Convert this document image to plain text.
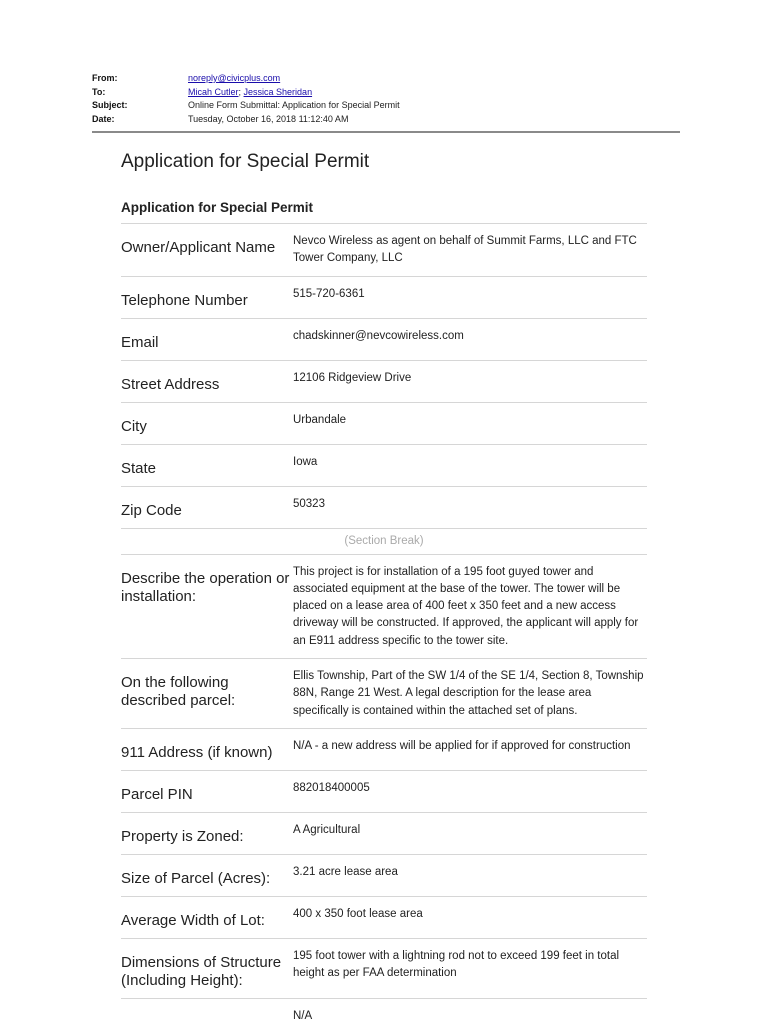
From:	noreply@civicplus.com
To:	Micah Cutler; Jessica Sheridan
Subject:	Online Form Submittal: Application for Special Permit
Date:	Tuesday, October 16, 2018 11:12:40 AM
Application for Special Permit
Application for Special Permit
Owner/Applicant Name	Nevco Wireless as agent on behalf of Summit Farms, LLC and FTC Tower Company, LLC
Telephone Number	515-720-6361
Email	chadskinner@nevcowireless.com
Street Address	12106 Ridgeview Drive
City	Urbandale
State	Iowa
Zip Code	50323
(Section Break)
Describe the operation or installation:
This project is for installation of a 195 foot guyed tower and associated equipment at the base of the tower. The tower will be placed on a lease area of 400 feet x 350 feet and a new access driveway will be constructed. If approved, the applicant will apply for an E911 address specific to the tower site.
On the following described parcel:
Ellis Township, Part of the SW 1/4 of the SE 1/4, Section 8, Township 88N, Range 21 West. A legal description for the lease area specifically is contained within the attached set of plans.
911 Address (if known)	N/A - a new address will be applied for if approved for construction
Parcel PIN	882018400005
Property is Zoned:	A Agricultural
Size of Parcel (Acres):	3.21 acre lease area
Average Width of Lot:	400 x 350 foot lease area
Dimensions of Structure (Including Height):
195 foot tower with a lightning rod not to exceed 199 feet in total height as per FAA determination
N/A
